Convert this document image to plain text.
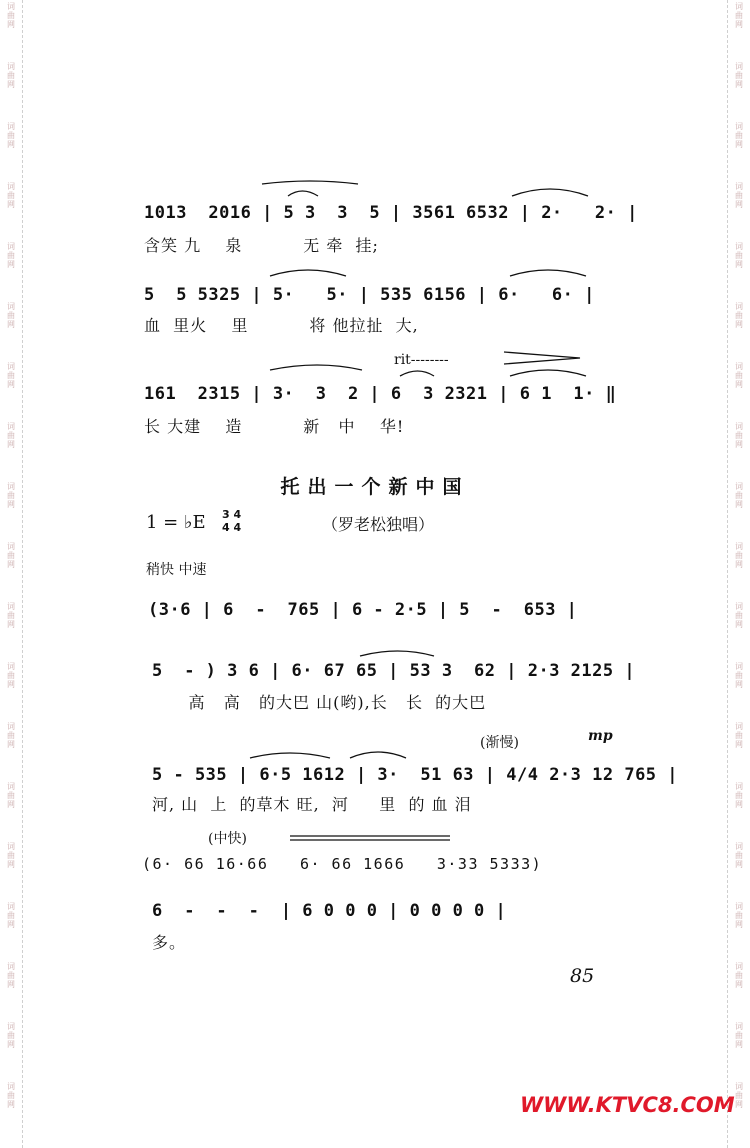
词
曲
网
词
曲
网
词
曲
网
词
曲
网
词
曲
网
词
曲
网
词
曲
网
词
曲
网
词
曲
网
词
曲
网
词
曲
网
词
曲
网
词
曲
网
词
曲
网
词
曲
网
词
曲
网
词
曲
网
词
曲
网
词
曲
网
词
曲
网
词
曲
网
词
曲
网
词
曲
网
词
曲
网
词
曲
网
词
曲
网
词
曲
网
词
曲
网
词
曲
网
词
曲
网
词
曲
网
词
曲
网
词
曲
网
词
曲
网
词
曲
网
词
曲
网
词
曲
网
词
曲
网
1013  2016 | 5 3  3  5 | 3561 6532 | 2·   2· |
含笑 九    泉          无 牵  挂;
5  5 5325 | 5·   5· | 535 6156 | 6·   6· |
血  里火    里          将 他拉扯  大,
rit--------
161  2315 | 3·  3  2 | 6  3 2321 | 6 1  1· ‖
长 大建    造          新   中    华!
托出一个新中国
1 = ♭E 3 4
4 4	（罗老松独唱）
稍快 中速
(3·6 | 6  -  765 | 6 - 2·5 | 5  -  653 |
5  - ) 3 6 | 6· 67 65 | 53 3  62 | 2·3 2125 |
高   高   的大巴 山(哟),长   长  的大巴
(渐慢)	mp
5 - 535 | 6·5 1612 | 3·  51 63 | 4/4 2·3 12 765 |
河, 山  上  的草木 旺,  河     里  的 血 泪
(中快)
(6· 66 16·66   6· 66 1666   3·33 5333)
6  -  -  -  | 6 0 0 0 | 0 0 0 0 |
多。
85
WWW.KTVC8.COM
